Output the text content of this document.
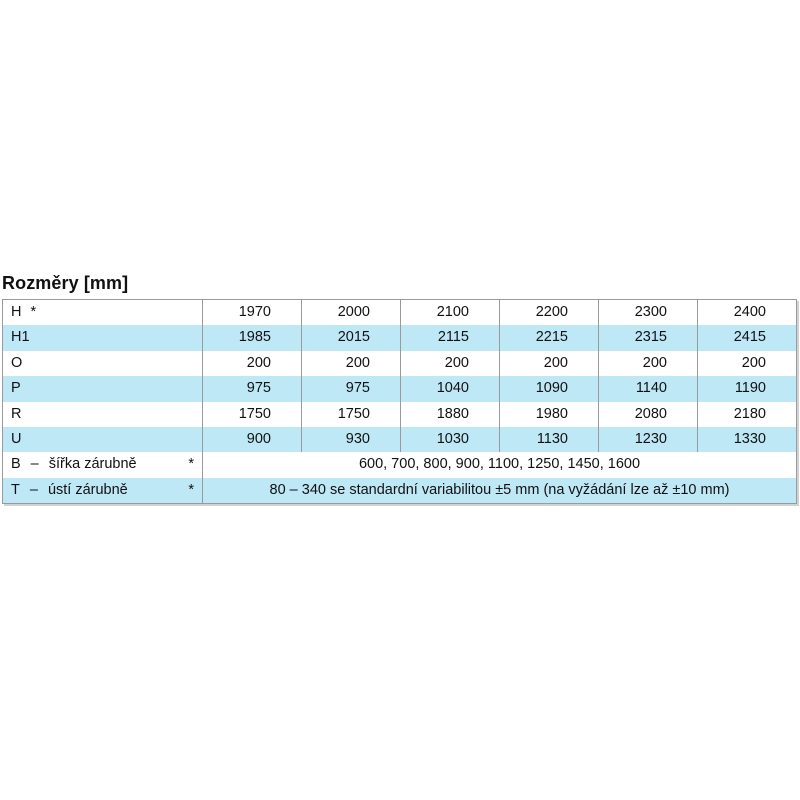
Rozměry [mm]
H *	1970	2000	2100	2200	2300	2400
H1	1985	2015	2115	2215	2315	2415
O	200	200	200	200	200	200
P	975	975	1040	1090	1140	1190
R	1750	1750	1880	1980	2080	2180
U	900	930	1030	1130	1230	1330

B – šířka zárubně *	600, 700, 800, 900, 1100, 1250, 1450, 1600					

T – ústí zárubně *	80 – 340 se standardní variabilitou ±5 mm (na vyžádání lze až ±10 mm)					
